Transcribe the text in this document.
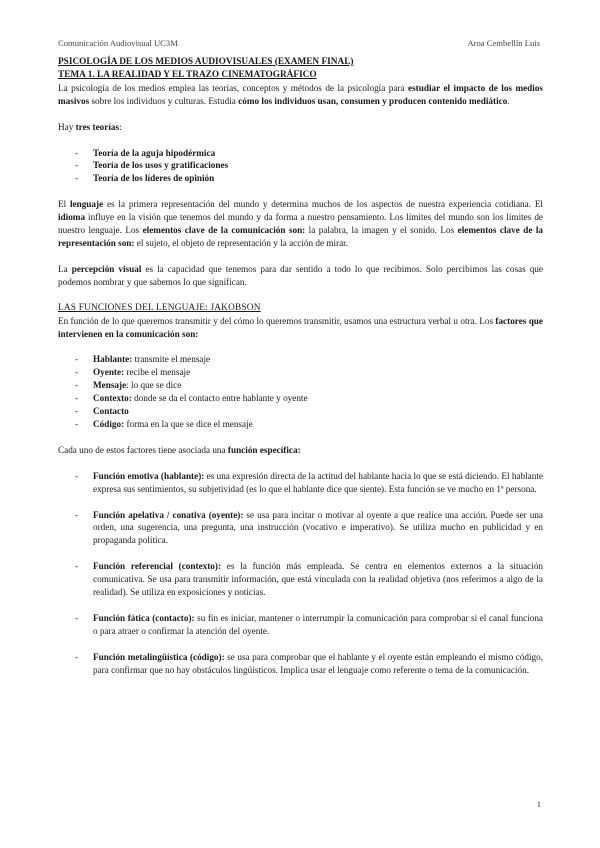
Comunicación Audiovisual UC3M	Aroa Cembellín Luis

PSICOLOGÍA DE LOS MEDIOS AUDIOVISUALES (EXAMEN FINAL)

TEMA 1. LA REALIDAD Y EL TRAZO CINEMATOGRÁFICO

La psicología de los medios emplea las teorías, conceptos y métodos de la psicología para estudiar el impacto de los medios masivos sobre los individuos y culturas. Estudia cómo los individuos usan, consumen y producen contenido mediático.

Hay tres teorías:

- Teoría de la aguja hipodérmica
- Teoría de los usos y gratificaciones
- Teoría de los líderes de opinión

El lenguaje es la primera representación del mundo y determina muchos de los aspectos de nuestra experiencia cotidiana. El idioma influye en la visión que tenemos del mundo y da forma a nuestro pensamiento. Los límites del mundo son los límites de nuestro lenguaje. Los elementos clave de la comunicación son: la palabra, la imagen y el sonido. Los elementos clave de la representación son: el sujeto, el objeto de representación y la acción de mirar.

La percepción visual es la capacidad que tenemos para dar sentido a todo lo que recibimos. Solo percibimos las cosas que podemos nombrar y que sabemos lo que significan.

LAS FUNCIONES DEL LENGUAJE: JAKOBSON

En función de lo que queremos transmitir y del cómo lo queremos transmitir, usamos una estructura verbal u otra. Los factores que intervienen en la comunicación son:

- Hablante: transmite el mensaje
- Oyente: recibe el mensaje
- Mensaje: lo que se dice
- Contexto: donde se da el contacto entre hablante y oyente
- Contacto
- Código: forma en la que se dice el mensaje

Cada uno de estos factores tiene asociada una función específica:

- Función emotiva (hablante): es una expresión directa de la actitud del hablante hacia lo que se está diciendo. El hablante expresa sus sentimientos, su subjetividad (es lo que el hablante dice que siente). Esta función se ve mucho en 1ª persona.
- Función apelativa / conativa (oyente): se usa para incitar o motivar al oyente a que realice una acción. Puede ser una orden, una sugerencia, una pregunta, una instrucción (vocativo e imperativo). Se utiliza mucho en publicidad y en propaganda política.
- Función referencial (contexto): es la función más empleada. Se centra en elementos externos a la situación comunicativa. Se usa para transmitir información, que está vinculada con la realidad objetiva (nos referimos a algo de la realidad). Se utiliza en exposiciones y noticias.
- Función fática (contacto): su fin es iniciar, mantener o interrumpir la comunicación para comprobar si el canal funciona o para atraer o confirmar la atención del oyente.
- Función metalingüística (código): se usa para comprobar que el hablante y el oyente están empleando el mismo código, para confirmar que no hay obstáculos lingüísticos. Implica usar el lenguaje como referente o tema de la comunicación.
1
